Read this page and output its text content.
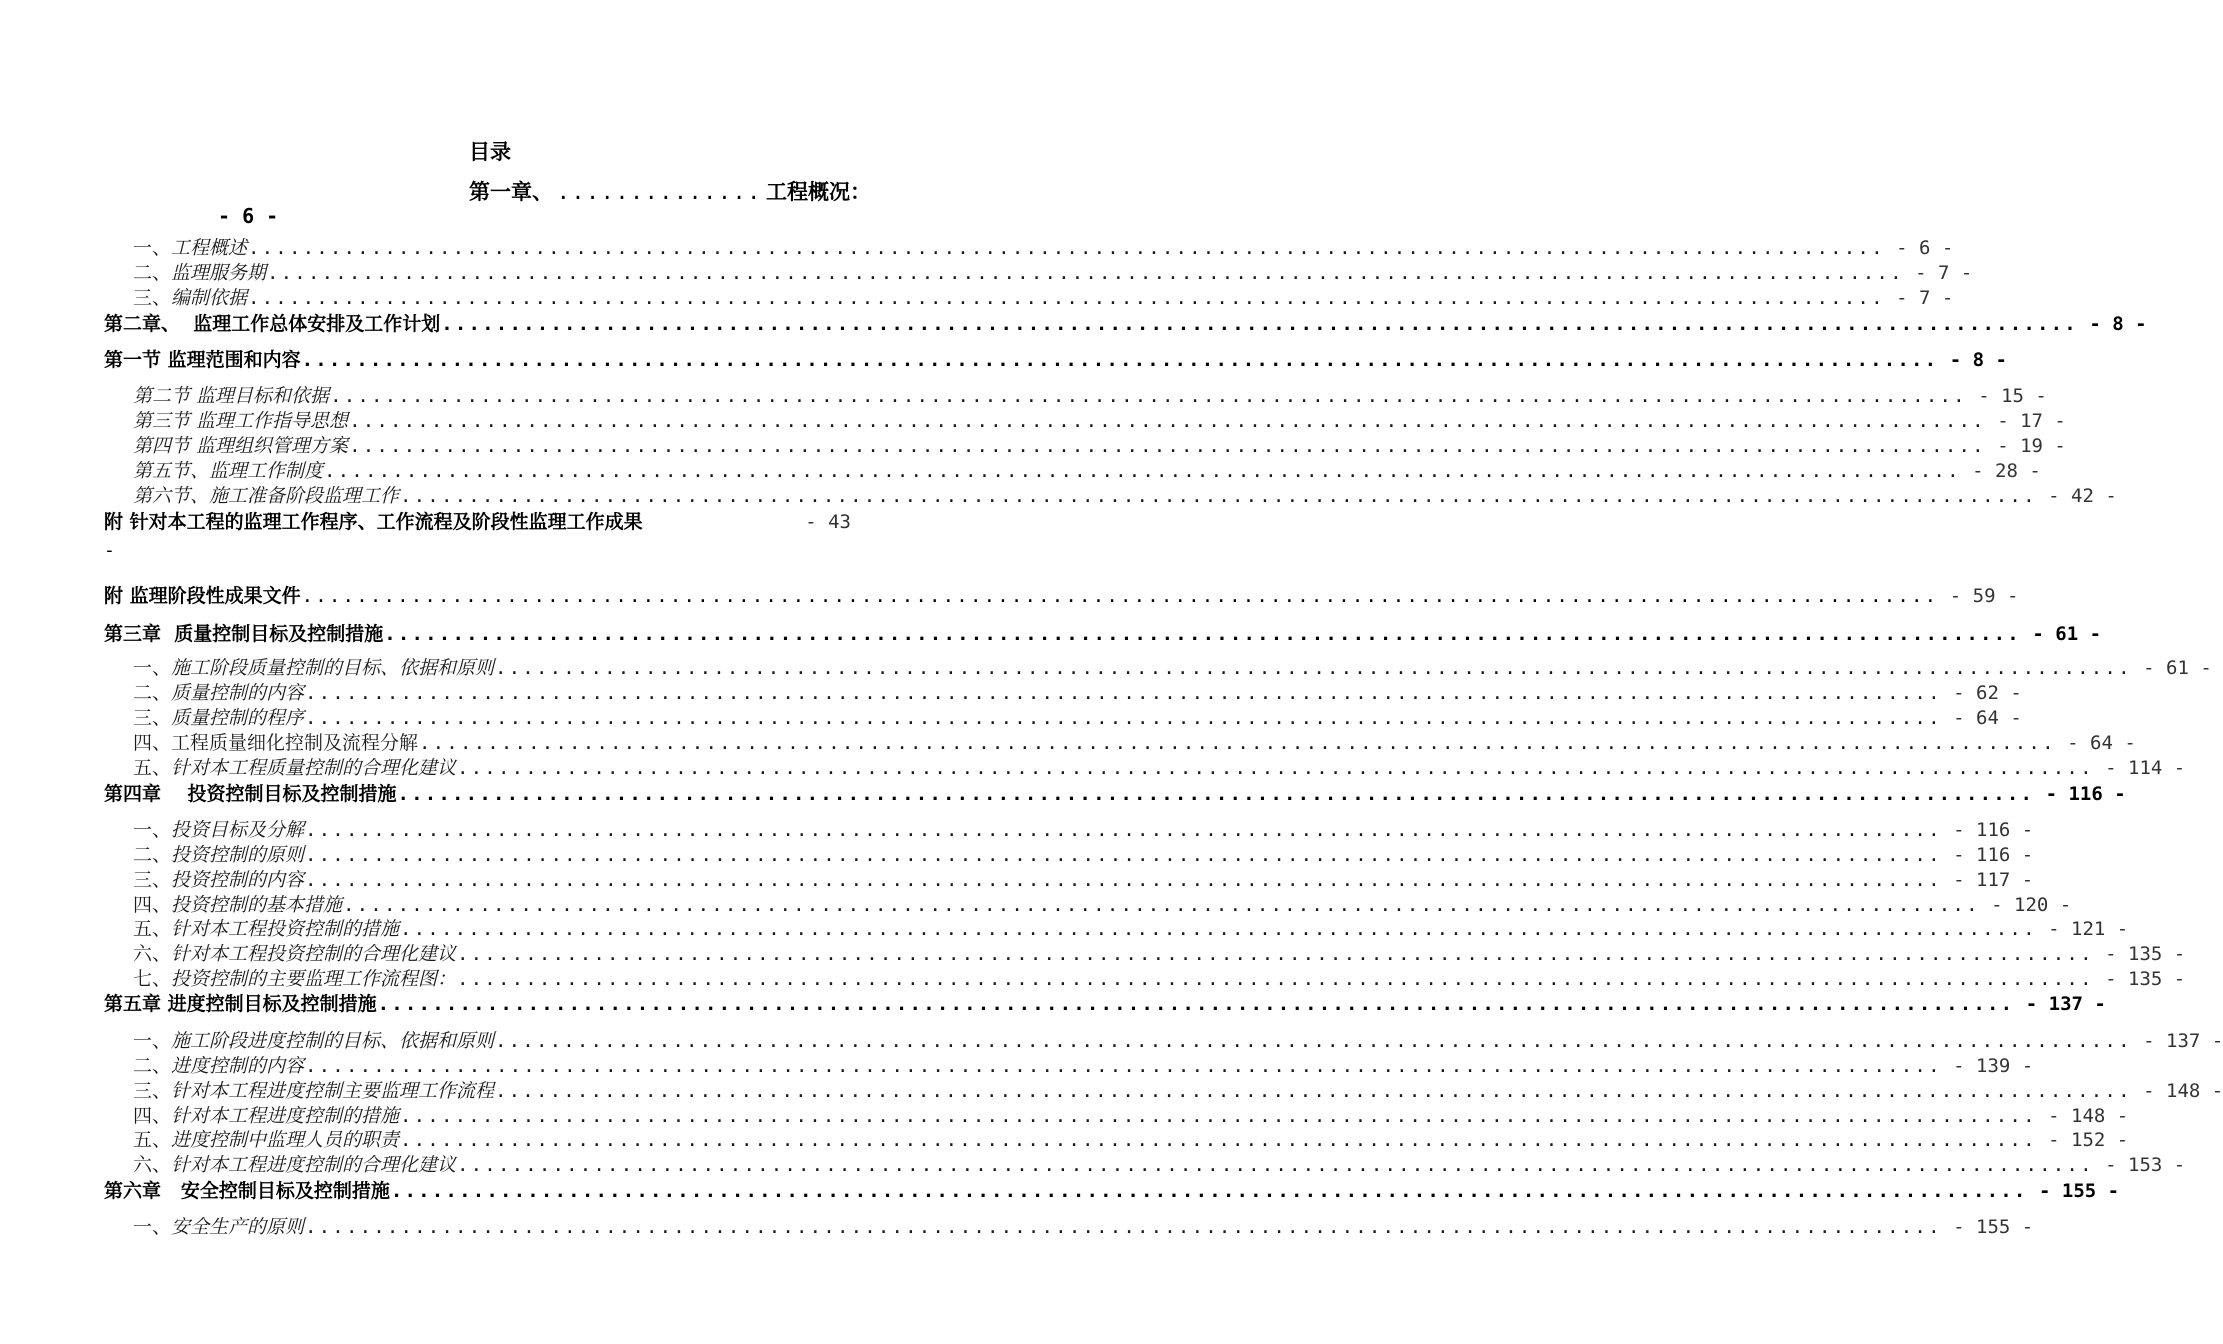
目录
第一章、 .............. 工程概况：
- 6 -
-
一、工程概述 ........................................................................................................................ - 6 -
二、监理服务期 ........................................................................................................................ - 7 -
三、编制依据 ........................................................................................................................ - 7 -
第二章、  监理工作总体安排及工作计划 ........................................................................................................................ - 8 -
第一节 监理范围和内容 ........................................................................................................................ - 8 -
第二节 监理目标和依据 ........................................................................................................................ - 15 -
第三节 监理工作指导思想 ........................................................................................................................ - 17 -
第四节 监理组织管理方案 ........................................................................................................................ - 19 -
第五节、监理工作制度 ........................................................................................................................ - 28 -
第六节、施工准备阶段监理工作 ........................................................................................................................ - 42 -
附 针对本工程的监理工作程序、工作流程及阶段性监理工作成果	- 43
附 监理阶段性成果文件 ........................................................................................................................ - 59 -
第三章  质量控制目标及控制措施 ........................................................................................................................ - 61 -
一、施工阶段质量控制的目标、依据和原则 ........................................................................................................................ - 61 -
二、质量控制的内容 ........................................................................................................................ - 62 -
三、质量控制的程序 ........................................................................................................................ - 64 -
四、工程质量细化控制及流程分解 ........................................................................................................................ - 64 -
五、针对本工程质量控制的合理化建议 ........................................................................................................................ - 114 -
第四章    投资控制目标及控制措施 ........................................................................................................................ - 116 -
一、投资目标及分解 ........................................................................................................................ - 116 -
二、投资控制的原则 ........................................................................................................................ - 116 -
三、投资控制的内容 ........................................................................................................................ - 117 -
四、投资控制的基本措施 ........................................................................................................................ - 120 -
五、针对本工程投资控制的措施 ........................................................................................................................ - 121 -
六、针对本工程投资控制的合理化建议 ........................................................................................................................ - 135 -
七、投资控制的主要监理工作流程图： ........................................................................................................................ - 135 -
第五章 进度控制目标及控制措施 ........................................................................................................................ - 137 -
一、施工阶段进度控制的目标、依据和原则 ........................................................................................................................ - 137 -
二、进度控制的内容 ........................................................................................................................ - 139 -
三、针对本工程进度控制主要监理工作流程 ........................................................................................................................ - 148 -
四、针对本工程进度控制的措施 ........................................................................................................................ - 148 -
五、进度控制中监理人员的职责 ........................................................................................................................ - 152 -
六、针对本工程进度控制的合理化建议 ........................................................................................................................ - 153 -
第六章   安全控制目标及控制措施 ........................................................................................................................ - 155 -
一、安全生产的原则 ........................................................................................................................ - 155 -
